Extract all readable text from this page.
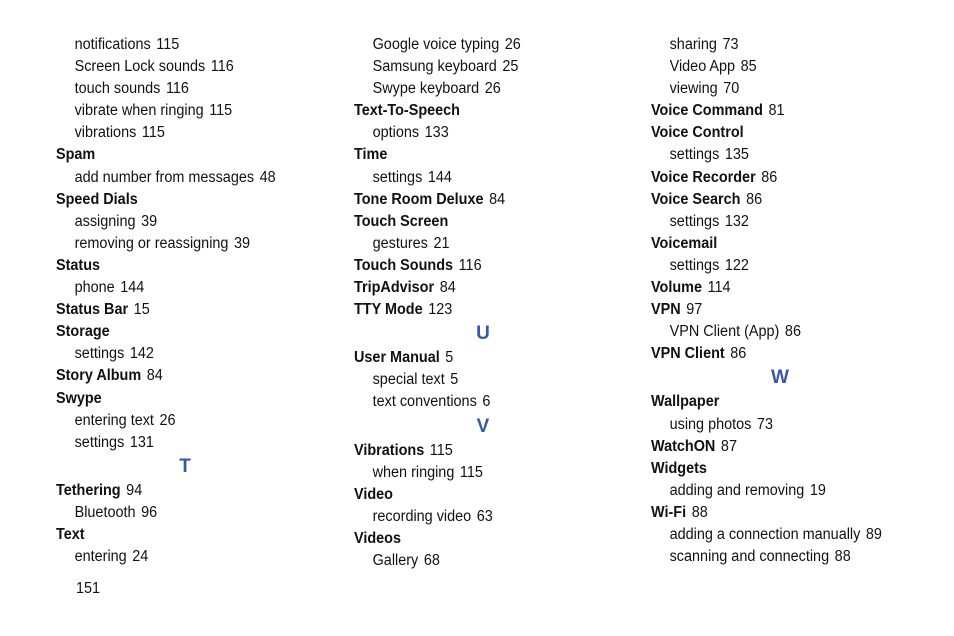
notifications 115
Screen Lock sounds 116
touch sounds 116
vibrate when ringing 115
vibrations 115
Spam
add number from messages 48
Speed Dials
assigning 39
removing or reassigning 39
Status
phone 144
Status Bar 15
Storage
settings 142
Story Album 84
Swype
entering text 26
settings 131
T
Tethering 94
Bluetooth 96
Text
entering 24
Google voice typing 26
Samsung keyboard 25
Swype keyboard 26
Text-To-Speech
options 133
Time
settings 144
Tone Room Deluxe 84
Touch Screen
gestures 21
Touch Sounds 116
TripAdvisor 84
TTY Mode 123
U
User Manual 5
special text 5
text conventions 6
V
Vibrations 115
when ringing 115
Video
recording video 63
Videos
Gallery 68
sharing 73
Video App 85
viewing 70
Voice Command 81
Voice Control
settings 135
Voice Recorder 86
Voice Search 86
settings 132
Voicemail
settings 122
Volume 114
VPN 97
VPN Client (App) 86
VPN Client 86
W
Wallpaper
using photos 73
WatchON 87
Widgets
adding and removing 19
Wi-Fi 88
adding a connection manually 89
scanning and connecting 88
151
